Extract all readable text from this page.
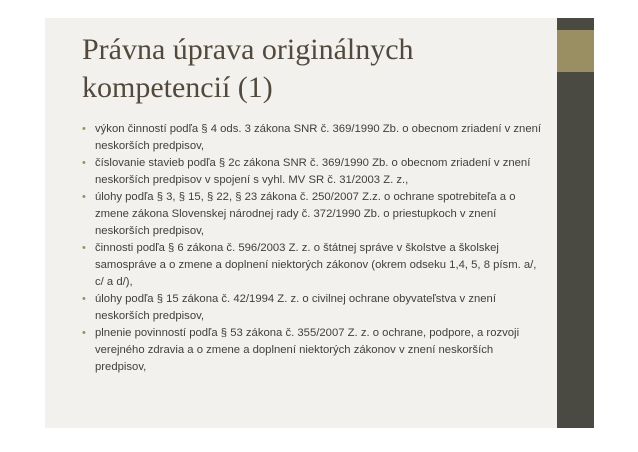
Právna úprava originálnych
kompetencií (1)
• výkon činností podľa § 4 ods. 3 zákona SNR č. 369/1990 Zb. o obecnom zriadení v znení neskorších predpisov,
• číslovanie stavieb podľa § 2c zákona SNR č. 369/1990 Zb. o obecnom zriadení v znení neskorších predpisov v spojení s vyhl. MV SR č. 31/2003 Z. z.,
• úlohy podľa § 3, § 15, § 22, § 23 zákona č. 250/2007 Z.z. o ochrane spotrebiteľa a o zmene zákona Slovenskej národnej rady č. 372/1990 Zb. o priestupkoch v znení neskorších predpisov,
• činnosti podľa § 6 zákona č. 596/2003 Z. z. o štátnej správe v školstve a školskej samospráve a o zmene a doplnení niektorých zákonov (okrem odseku 1,4, 5, 8 písm. a/, c/ a d/),
• úlohy podľa § 15 zákona č. 42/1994 Z. z. o civilnej ochrane obyvateľstva v znení neskorších predpisov,
• plnenie povinností podľa § 53 zákona č. 355/2007 Z. z. o ochrane, podpore, a rozvoji verejného zdravia a o zmene a doplnení niektorých zákonov v znení neskorších predpisov,
